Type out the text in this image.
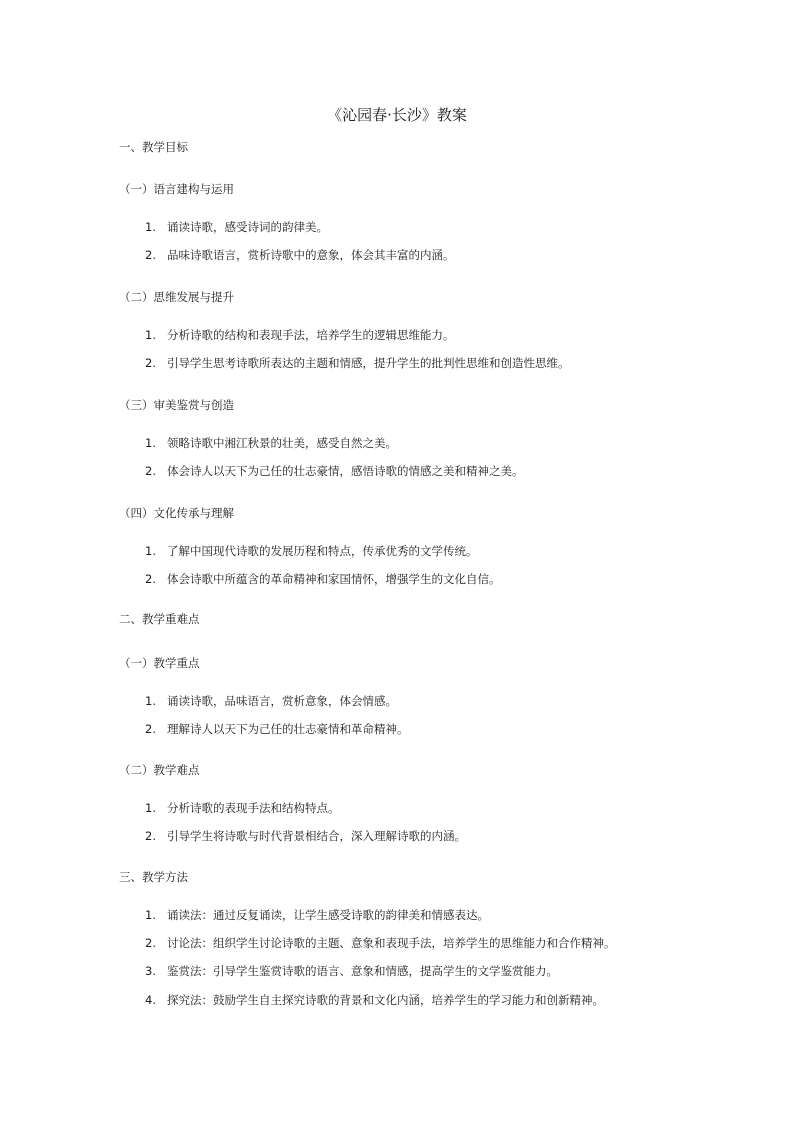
《沁园春·长沙》教案
一、教学目标
（一）语言建构与运用
1. 诵读诗歌，感受诗词的韵律美。
2. 品味诗歌语言，赏析诗歌中的意象，体会其丰富的内涵。
（二）思维发展与提升
1. 分析诗歌的结构和表现手法，培养学生的逻辑思维能力。
2. 引导学生思考诗歌所表达的主题和情感，提升学生的批判性思维和创造性思维。
（三）审美鉴赏与创造
1. 领略诗歌中湘江秋景的壮美，感受自然之美。
2. 体会诗人以天下为己任的壮志豪情，感悟诗歌的情感之美和精神之美。
（四）文化传承与理解
1. 了解中国现代诗歌的发展历程和特点，传承优秀的文学传统。
2. 体会诗歌中所蕴含的革命精神和家国情怀，增强学生的文化自信。
二、教学重难点
（一）教学重点
1. 诵读诗歌，品味语言，赏析意象，体会情感。
2. 理解诗人以天下为己任的壮志豪情和革命精神。
（二）教学难点
1. 分析诗歌的表现手法和结构特点。
2. 引导学生将诗歌与时代背景相结合，深入理解诗歌的内涵。
三、教学方法
1. 诵读法：通过反复诵读，让学生感受诗歌的韵律美和情感表达。
2. 讨论法：组织学生讨论诗歌的主题、意象和表现手法，培养学生的思维能力和合作精神。
3. 鉴赏法：引导学生鉴赏诗歌的语言、意象和情感，提高学生的文学鉴赏能力。
4. 探究法：鼓励学生自主探究诗歌的背景和文化内涵，培养学生的学习能力和创新精神。
